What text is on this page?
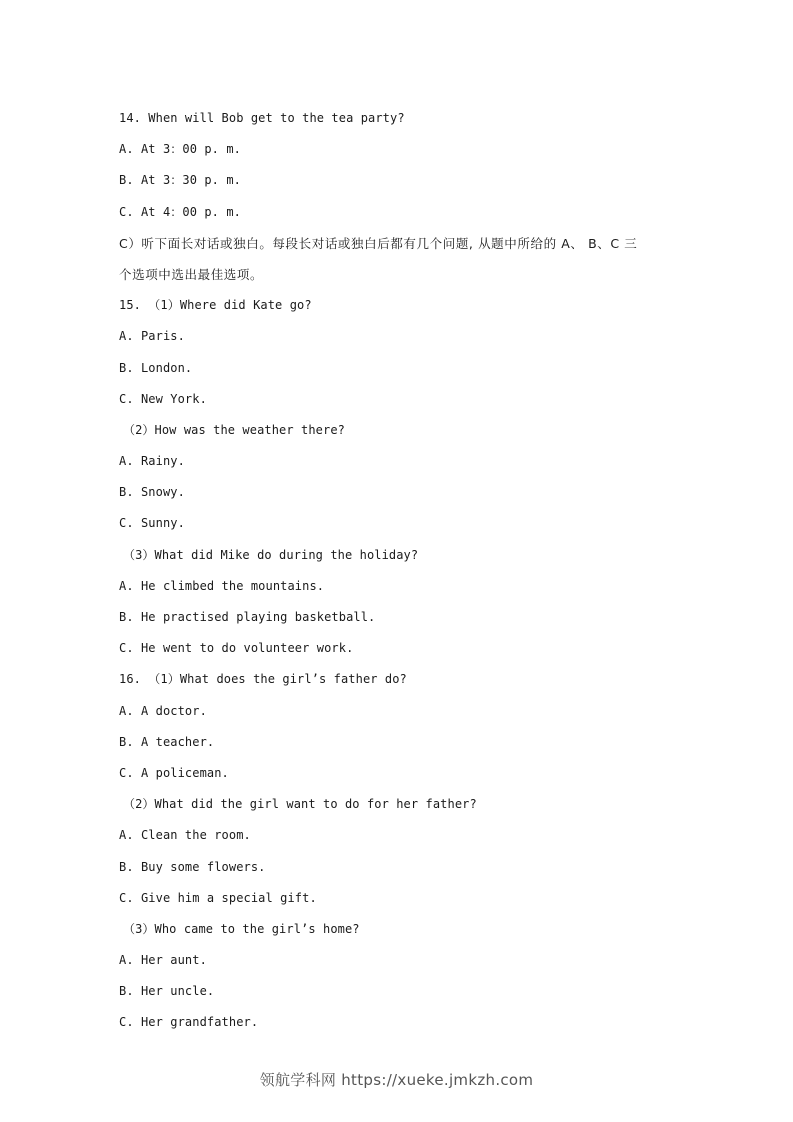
14. When will Bob get to the tea party?
A. At 3：00 p. m.
B. At 3：30 p. m.
C. At 4：00 p. m.
C）听下面长对话或独白。每段长对话或独白后都有几个问题, 从题中所给的 A、 B、C 三
个选项中选出最佳选项。
15. （1）Where did Kate go?
A. Paris.
B. London.
C. New York.
（2）How was the weather there?
A. Rainy.
B. Snowy.
C. Sunny.
（3）What did Mike do during the holiday?
A. He climbed the mountains.
B. He practised playing basketball.
C. He went to do volunteer work.
16. （1）What does the girl’s father do?
A. A doctor.
B. A teacher.
C. A policeman.
（2）What did the girl want to do for her father?
A. Clean the room.
B. Buy some flowers.
C. Give him a special gift.
（3）Who came to the girl’s home?
A. Her aunt.
B. Her uncle.
C. Her grandfather.
领航学科网 https://xueke.jmkzh.com
